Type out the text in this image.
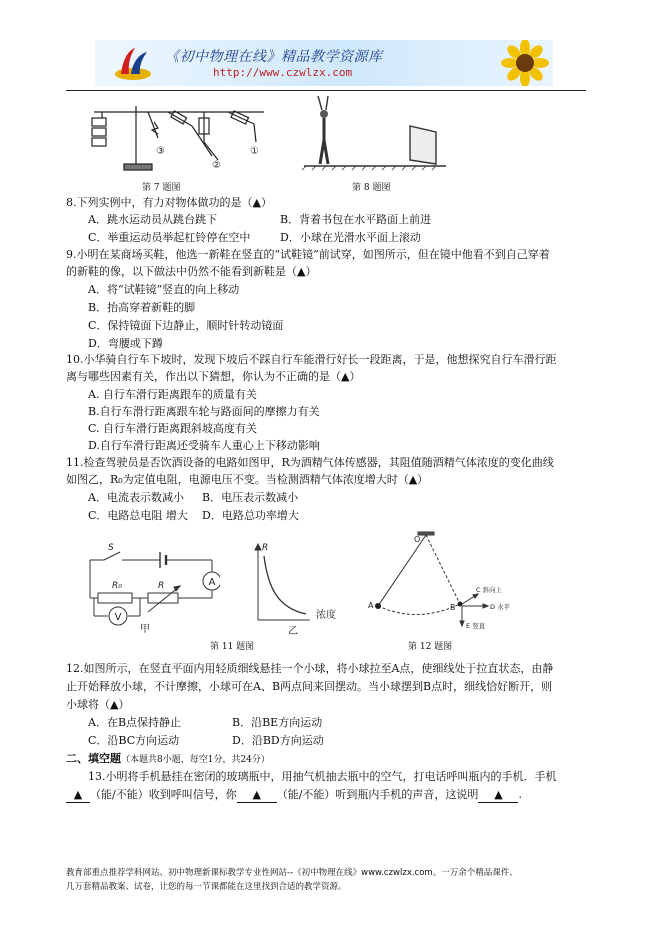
《初中物理在线》精品教学资源库
http://www.czwlzx.com
③
②
①
第 7 题图	第 8 题图
8.下列实例中，有力对物体做功的是（▲）
A．跳水运动员从跳台跳下	B．背着书包在水平路面上前进
C．举重运动员举起杠铃停在空中	D．小球在光滑水平面上滚动
9.小明在某商场买鞋，他选一新鞋在竖直的“试鞋镜”前试穿，如图所示，但在镜中他看不到自己穿着
的新鞋的像，以下做法中仍然不能看到新鞋是（▲）
A．将“试鞋镜”竖直的向上移动
B．抬高穿着新鞋的脚
C．保持镜面下边静止，顺时针转动镜面
D．弯腰或下蹲
10.小华骑自行车下坡时，发现下坡后不踩自行车能滑行好长一段距离，于是，他想探究自行车滑行距
离与哪些因素有关，作出以下猜想，你认为不正确的是（▲）
A. 自行车滑行距离跟车的质量有关
B.自行车滑行距离跟车轮与路面间的摩擦力有关
C. 自行车滑行距离跟斜坡高度有关
D.自行车滑行距离还受骑车人重心上下移动影响
11.检查驾驶员是否饮酒设备的电路如图甲，R为酒精气体传感器，其阻值随酒精气体浓度的变化曲线
如图乙，R₀为定值电阻，电源电压不变。当检测酒精气体浓度增大时（▲）
A．电流表示数减小 B．电压表示数减小
C．电路总电阻 增大 D．电路总功率增大
A
V
S
R₀	R
甲
R
浓度
乙
第 11 题图
O
A	B
C 斜向上
D 水平
E 竖直
第 12 题图
12.如图所示，在竖直平面内用轻质细线悬挂一个小球，将小球拉至A点，使细线处于拉直状态，由静
止开始释放小球，不计摩擦，小球可在A、B两点间来回摆动。当小球摆到B点时，细线恰好断开，则
小球将（▲）
A．在B点保持静止	B．沿BE方向运动
C．沿BC方向运动	D．沿BD方向运动
二、填空题（本题共8小题，每空1分，共24分）
13.小明将手机悬挂在密闭的玻璃瓶中，用抽气机抽去瓶中的空气，打电话呼叫瓶内的手机．手机
▲ （能/不能）收到呼叫信号，你 ▲ （能/不能）听到瓶内手机的声音，这说明 ▲ .
教育部重点推荐学科网站、初中物理新课标教学专业性网站--《初中物理在线》www.czwlzx.com。一万余个精品课件、
几万套精品教案、试卷，让您的每一节课都能在这里找到合适的教学资源。
